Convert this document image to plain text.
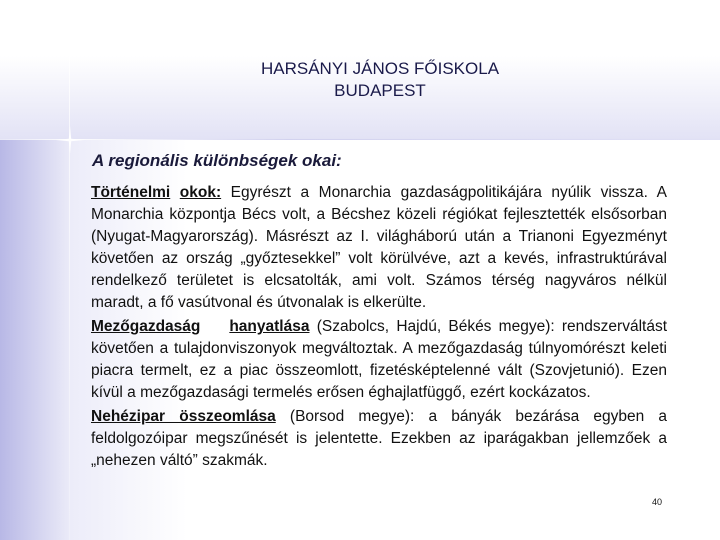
HARSÁNYI JÁNOS FŐISKOLA
BUDAPEST
A regionális különbségek okai:

Történelmi okok: Egyrészt a Monarchia gazdaságpolitikájára nyúlik vissza. A Monarchia központja Bécs volt, a Bécshez közeli régiókat fejlesztették elsősorban (Nyugat-Magyarország). Másrészt az I. világháború után a Trianoni Egyezményt követően az ország „győztesekkel” volt körülvéve, azt a kevés, infrastruktúrával rendelkező területet is elcsatolták, ami volt. Számos térség nagyváros nélkül maradt, a fő vasútvonal és útvonalak is elkerülte.

Mezőgazdaság hanyatlása (Szabolcs, Hajdú, Békés megye): rendszerváltást követően a tulajdonviszonyok megváltoztak. A mezőgazdaság túlnyomórészt keleti piacra termelt, ez a piac összeomlott, fizetésképtelenné vált (Szovjetunió). Ezen kívül a mezőgazdasági termelés erősen éghajlatfüggő, ezért kockázatos.

Nehézipar összeomlása (Borsod megye): a bányák bezárása egyben a feldolgozóipar megszűnését is jelentette. Ezekben az iparágakban jellemzőek a „nehezen váltó” szakmák.

40
